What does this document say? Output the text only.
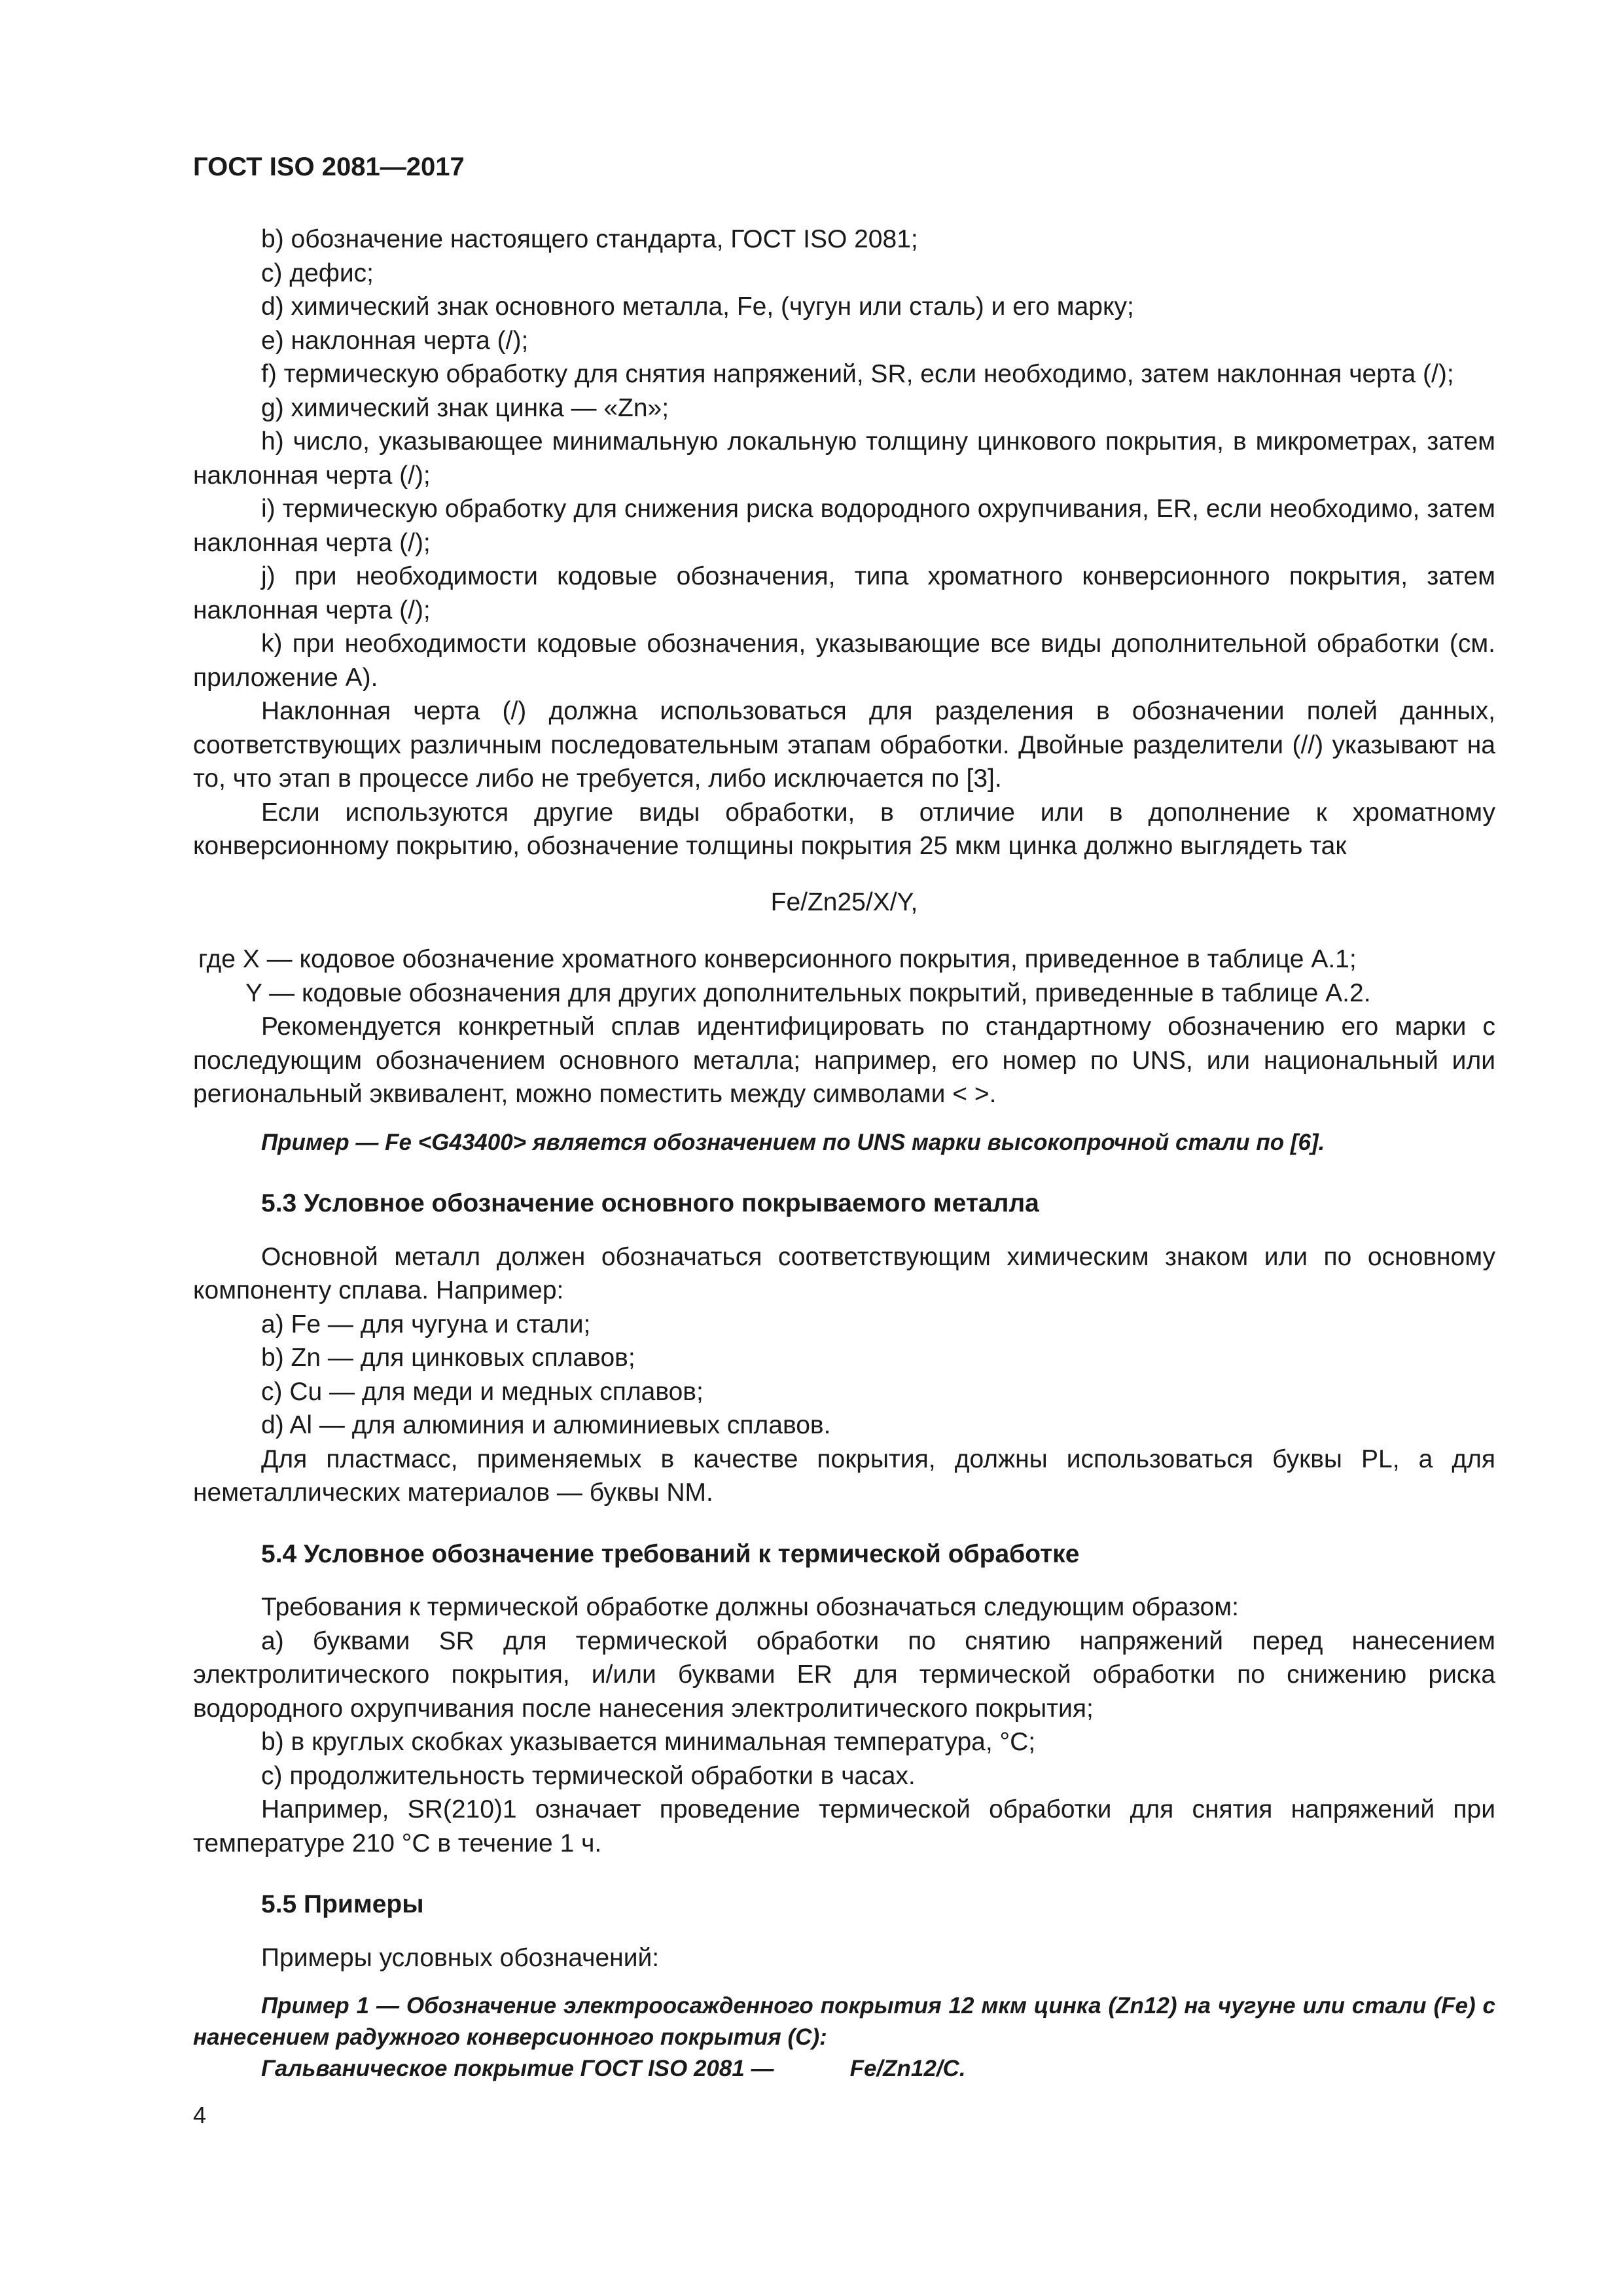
ГОСТ ISO 2081—2017

b) обозначение настоящего стандарта, ГОСТ ISO 2081;

c) дефис;

d) химический знак основного металла, Fe, (чугун или сталь) и его марку;

e) наклонная черта (/);

f) термическую обработку для снятия напряжений, SR, если необходимо, затем наклонная черта (/);

g) химический знак цинка — «Zn»;

h) число, указывающее минимальную локальную толщину цинкового покрытия, в микрометрах, затем наклонная черта (/);

i) термическую обработку для снижения риска водородного охрупчивания, ER, если необходимо, затем наклонная черта (/);

j) при необходимости кодовые обозначения, типа хроматного конверсионного покрытия, затем наклонная черта (/);

k) при необходимости кодовые обозначения, указывающие все виды дополнительной обработки (см. приложение А).

Наклонная черта (/) должна использоваться для разделения в обозначении полей данных, соответствующих различным последовательным этапам обработки. Двойные разделители (//) указывают на то, что этап в процессе либо не требуется, либо исключается по [3].

Если используются другие виды обработки, в отличие или в дополнение к хроматному конверсионному покрытию, обозначение толщины покрытия 25 мкм цинка должно выглядеть так

Fe/Zn25/X/Y,

где X — кодовое обозначение хроматного конверсионного покрытия, приведенное в таблице А.1;

Y — кодовые обозначения для других дополнительных покрытий, приведенные в таблице А.2.

Рекомендуется конкретный сплав идентифицировать по стандартному обозначению его марки с последующим обозначением основного металла; например, его номер по UNS, или национальный или региональный эквивалент, можно поместить между символами < >.

Пример — Fe <G43400> является обозначением по UNS марки высокопрочной стали по [6].

5.3 Условное обозначение основного покрываемого металла

Основной металл должен обозначаться соответствующим химическим знаком или по основному компоненту сплава. Например:

a) Fe — для чугуна и стали;

b) Zn — для цинковых сплавов;

c) Cu — для меди и медных сплавов;

d) Al — для алюминия и алюминиевых сплавов.

Для пластмасс, применяемых в качестве покрытия, должны использоваться буквы PL, а для неметаллических материалов — буквы NM.

5.4 Условное обозначение требований к термической обработке

Требования к термической обработке должны обозначаться следующим образом:

a) буквами SR для термической обработки по снятию напряжений перед нанесением электролитического покрытия, и/или буквами ER для термической обработки по снижению риска водородного охрупчивания после нанесения электролитического покрытия;

b) в круглых скобках указывается минимальная температура, °С;

c) продолжительность термической обработки в часах.

Например, SR(210)1 означает проведение термической обработки для снятия напряжений при температуре 210 °С в течение 1 ч.

5.5 Примеры

Примеры условных обозначений:

Пример 1 — Обозначение электроосажденного покрытия 12 мкм цинка (Zn12) на чугуне или стали (Fe) с нанесением радужного конверсионного покрытия (С):

Гальваническое покрытие ГОСТ ISO 2081 —	Fe/Zn12/C.

4
